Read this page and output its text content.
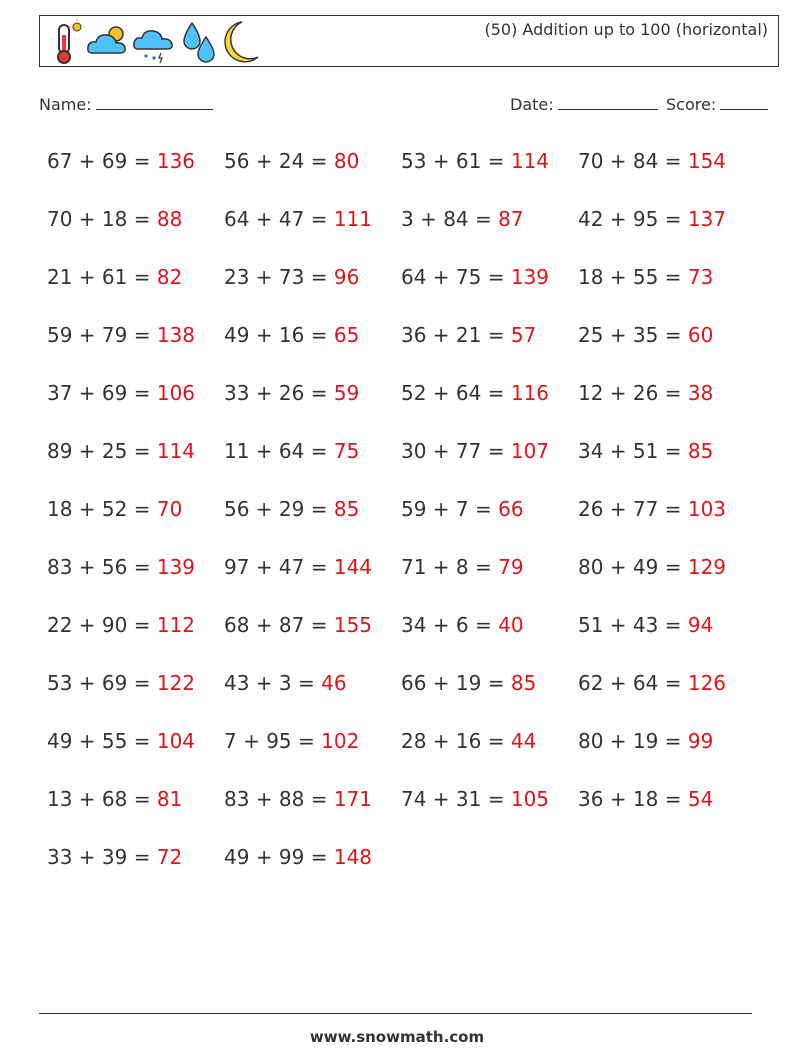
(50) Addition up to 100 (horizontal)
Name:	Date:	Score:
67 + 69 = 136	56 + 24 = 80	53 + 61 = 114	70 + 84 = 154
70 + 18 = 88	64 + 47 = 111	3 + 84 = 87	42 + 95 = 137
21 + 61 = 82	23 + 73 = 96	64 + 75 = 139	18 + 55 = 73
59 + 79 = 138	49 + 16 = 65	36 + 21 = 57	25 + 35 = 60
37 + 69 = 106	33 + 26 = 59	52 + 64 = 116	12 + 26 = 38
89 + 25 = 114	11 + 64 = 75	30 + 77 = 107	34 + 51 = 85
18 + 52 = 70	56 + 29 = 85	59 + 7 = 66	26 + 77 = 103
83 + 56 = 139	97 + 47 = 144	71 + 8 = 79	80 + 49 = 129
22 + 90 = 112	68 + 87 = 155	34 + 6 = 40	51 + 43 = 94
53 + 69 = 122	43 + 3 = 46	66 + 19 = 85	62 + 64 = 126
49 + 55 = 104	7 + 95 = 102	28 + 16 = 44	80 + 19 = 99
13 + 68 = 81	83 + 88 = 171	74 + 31 = 105	36 + 18 = 54
33 + 39 = 72	49 + 99 = 148
www.snowmath.com
